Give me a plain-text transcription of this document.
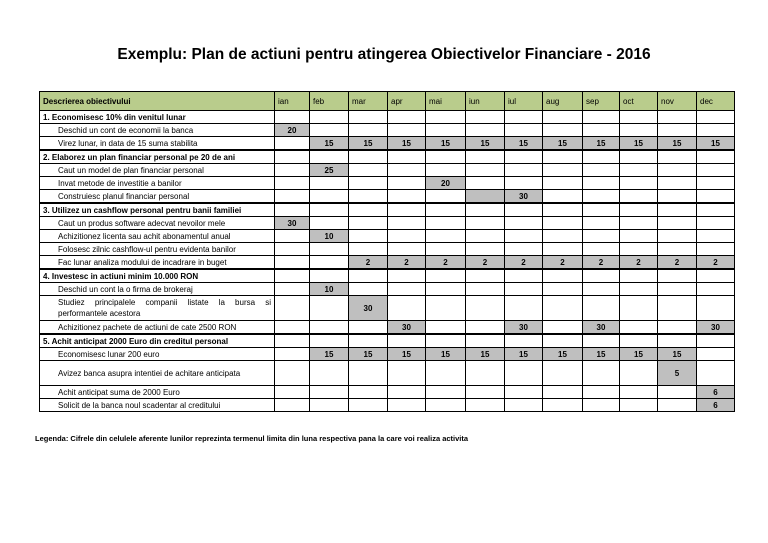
Exemplu: Plan de actiuni pentru atingerea Obiectivelor Financiare - 2016
Descrierea obiectivului	ian	feb	mar	apr	mai	iun	iul	aug	sep	oct	nov	dec
1. Economisesc 10% din venitul lunar												
Deschid un cont de economii la banca	20											
Virez lunar, in data de 15 suma stabilita		15	15	15	15	15	15	15	15	15	15	15
2. Elaborez un plan financiar personal pe 20 de ani												
Caut un model de plan financiar personal		25										
Invat metode de investitie a banilor					20							
Construiesc planul financiar personal							30					
3. Utilizez un cashflow personal pentru banii familiei												
Caut un produs software adecvat nevoilor mele	30											
Achizitionez licenta sau achit abonamentul anual		10										
Folosesc zilnic cashflow-ul pentru evidenta banilor												
Fac lunar analiza modului de incadrare in buget			2	2	2	2	2	2	2	2	2	2
4. Investesc in actiuni minim 10.000 RON												
Deschid un cont la o firma de brokeraj		10										
Studiez principalele companii listate la bursa si performantele acestora			30									
Achizitionez pachete de actiuni de cate 2500 RON				30			30		30			30
5. Achit anticipat 2000 Euro din creditul personal												
Economisesc lunar 200 euro		15	15	15	15	15	15	15	15	15	15	
Avizez banca asupra intentiei de achitare anticipata											5	
Achit anticipat suma de 2000 Euro												6
Solicit de la banca noul scadentar al creditului												6
Legenda: Cifrele din celulele aferente lunilor reprezinta termenul limita din luna respectiva pana la care voi realiza activita
